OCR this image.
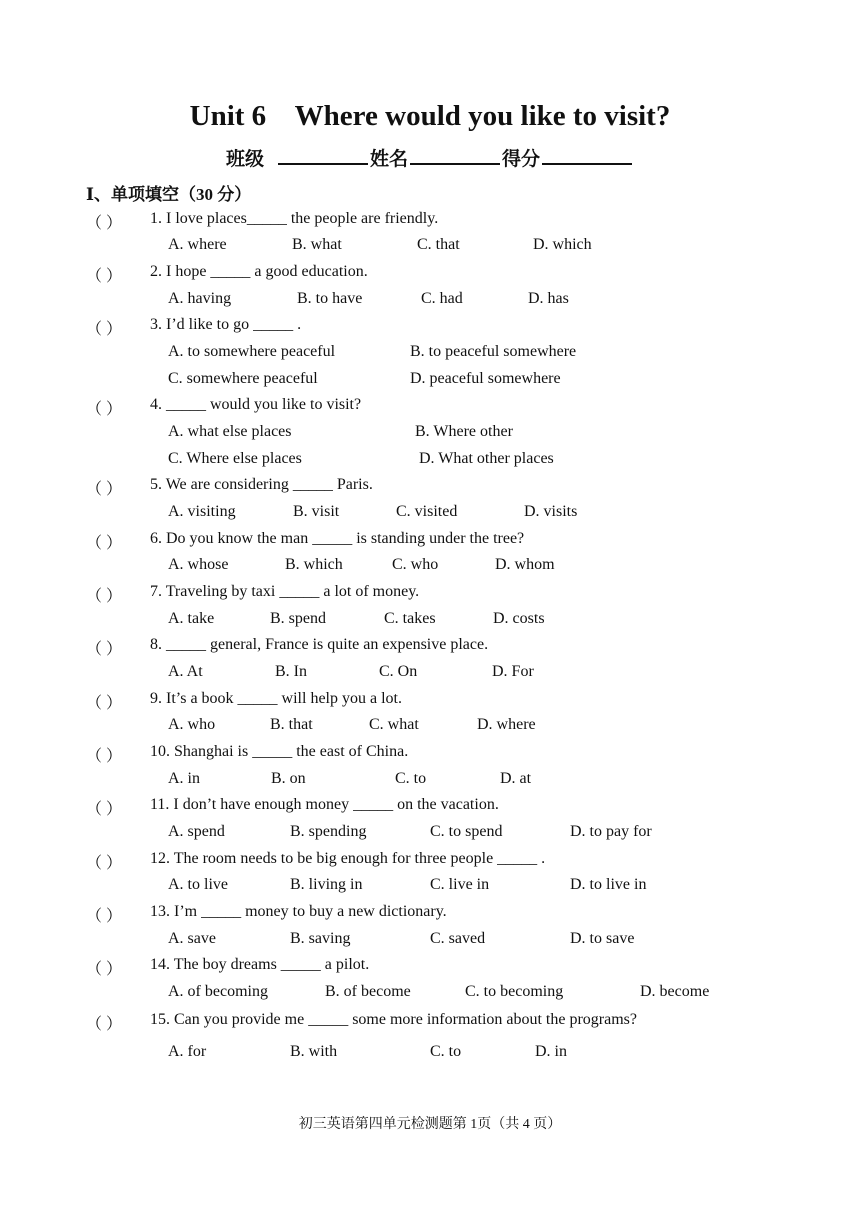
Unit 6    Where would you like to visit?
班级	姓名	得分
Ⅰ、单项填空（30 分）
（ ） 1. I love places_____ the people are friendly.
A. where	B. what	C. that	D. which
（ ） 2. I hope _____ a good education.
A. having	B. to have	C. had	D. has
（ ） 3. I’d like to go _____ .
A. to somewhere peaceful	B. to peaceful somewhere
C. somewhere peaceful	D. peaceful somewhere
（ ） 4. _____ would you like to visit?
A. what else places	B. Where other
C. Where else places	D. What other places
（ ） 5. We are considering _____ Paris.
A. visiting	B. visit	C. visited	D. visits
（ ） 6. Do you know the man _____ is standing under the tree?
A. whose	B. which	C. who	D. whom
（ ） 7. Traveling by taxi _____ a lot of money.
A. take	B. spend	C. takes	D. costs
（ ） 8. _____ general, France is quite an expensive place.
A. At	B. In	C. On	D. For
（ ） 9. It’s a book _____ will help you a lot.
A. who	B. that	C. what	D. where
（ ） 10. Shanghai is _____ the east of China.
A. in	B. on	C. to	D. at
（ ） 11. I don’t have enough money _____ on the vacation.
A. spend	B. spending	C. to spend	D. to pay for
（ ） 12. The room needs to be big enough for three people _____ .
A. to live	B. living in	C. live in	D. to live in
（ ） 13. I’m _____ money to buy a new dictionary.
A. save	B. saving	C. saved	D. to save
（ ） 14. The boy dreams _____ a pilot.
A. of becoming	B. of become	C. to becoming	D. become
（ ） 15. Can you provide me _____ some more information about the programs?
A. for	B. with	C. to	D. in
初三英语第四单元检测题第 1页（共 4 页）
